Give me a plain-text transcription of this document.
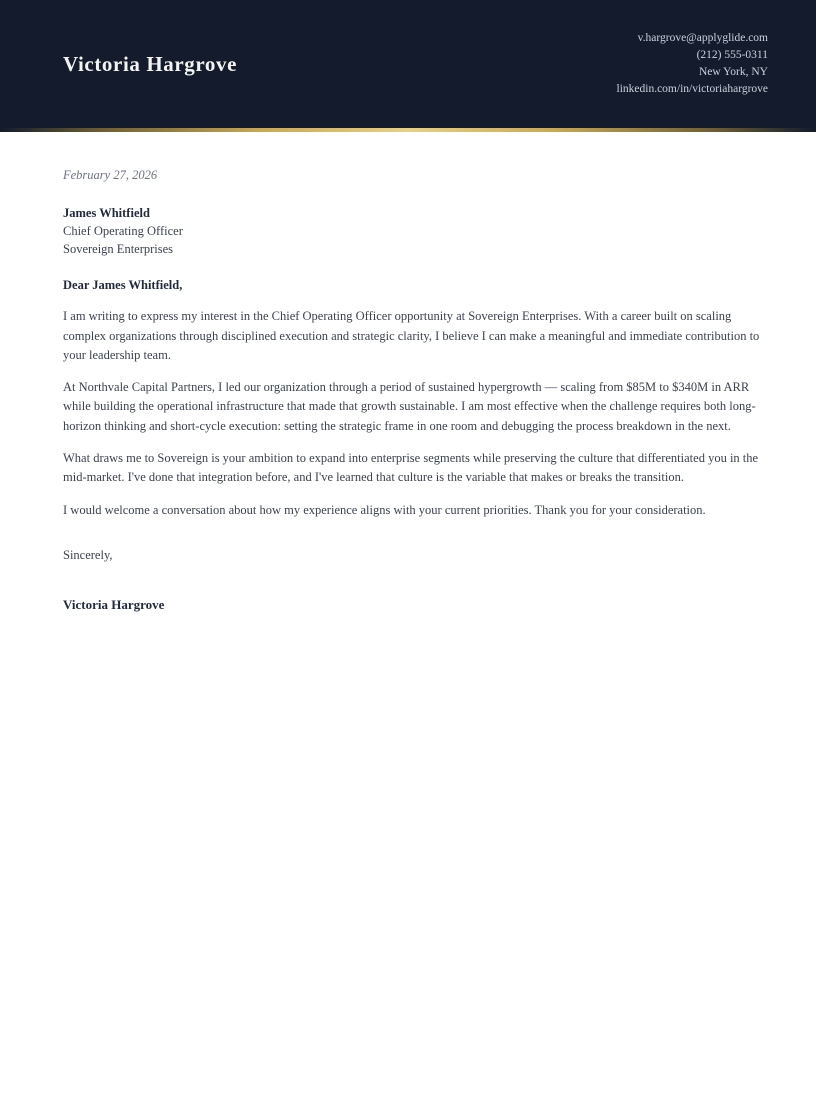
Victoria Hargrove
v.hargrove@applyglide.com
(212) 555-0311
New York, NY
linkedin.com/in/victoriahargrove
February 27, 2026
James Whitfield
Chief Operating Officer
Sovereign Enterprises
Dear James Whitfield,

I am writing to express my interest in the Chief Operating Officer opportunity at Sovereign Enterprises. With a career built on scaling complex organizations through disciplined execution and strategic clarity, I believe I can make a meaningful and immediate contribution to your leadership team.

At Northvale Capital Partners, I led our organization through a period of sustained hypergrowth — scaling from $85M to $340M in ARR while building the operational infrastructure that made that growth sustainable. I am most effective when the challenge requires both long-horizon thinking and short-cycle execution: setting the strategic frame in one room and debugging the process breakdown in the next.

What draws me to Sovereign is your ambition to expand into enterprise segments while preserving the culture that differentiated you in the mid-market. I've done that integration before, and I've learned that culture is the variable that makes or breaks the transition.

I would welcome a conversation about how my experience aligns with your current priorities. Thank you for your consideration.

Sincerely,
Victoria Hargrove
